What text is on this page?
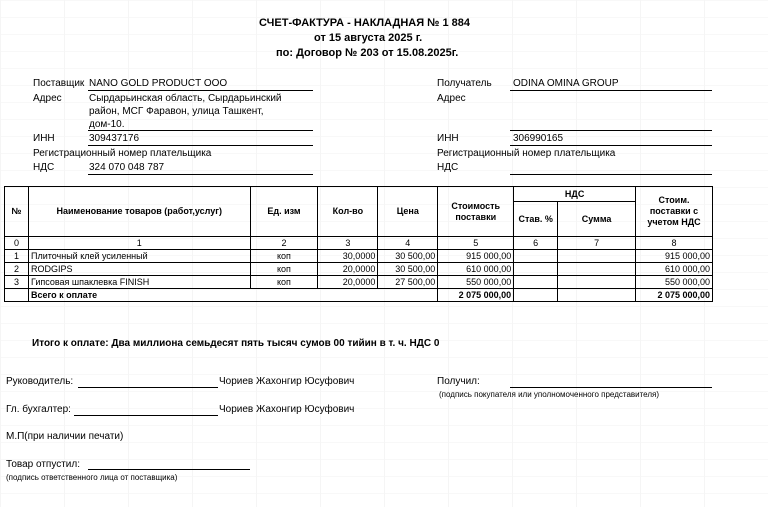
СЧЕТ-ФАКТУРА - НАКЛАДНАЯ № 1 884
от 15 августа 2025 г.
по: Договор № 203 от 15.08.2025г.
Поставщик NANO GOLD PRODUCT OOO
Адрес	Сырдарьинская область, Сырдарьинский
район, МСГ Фаравон, улица Ташкент,
дом-10.
ИНН	309437176
Регистрационный номер плательщика
НДС	324 070 048 787
Получатель ODINA OMINA GROUP
Адрес
ИНН	306990165
Регистрационный номер плательщика
НДС
№	Наименование товаров (работ,услуг)	Ед. изм	Кол-во	Цена	Стоимость поставки	НДС		Стоим. поставки с учетом НДС
						Став. %	Сумма	
0	1	2	3	4	5	6	7	8
1	Плиточный клей усиленный	коп	30,0000	30 500,00	915 000,00			915 000,00
2	RODGIPS	коп	20,0000	30 500,00	610 000,00			610 000,00
3	Гипсовая шпаклевка FINISH	коп	20,0000	27 500,00	550 000,00			550 000,00
	Всего к оплате				2 075 000,00			2 075 000,00
Итого к оплате: Два миллиона семьдесят пять тысяч сумов 00 тийин в т. ч. НДС 0
Руководитель:	Чориев Жахонгир Юсуфович
Гл. бухгалтер:	Чориев Жахонгир Юсуфович
М.П(при наличии печати)
Товар отпустил:
(подпись ответственного лица от поставщика)
Получил:
(подпись покупателя или уполномоченного представителя)
